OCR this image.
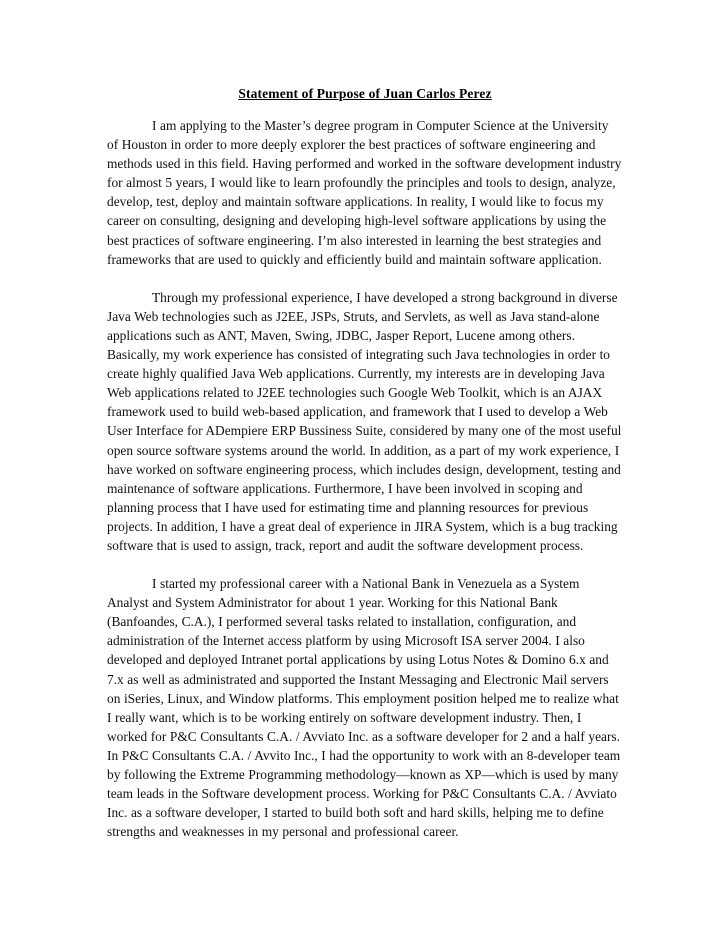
Statement of Purpose of Juan Carlos Perez

I am applying to the Master’s degree program in Computer Science at the University of Houston in order to more deeply explorer the best practices of software engineering and methods used in this field. Having performed and worked in the software development industry for almost 5 years, I would like to learn profoundly the principles and tools to design, analyze, develop, test, deploy and maintain software applications. In reality, I would like to focus my career on consulting, designing and developing high-level software applications by using the best practices of software engineering. I’m also interested in learning the best strategies and frameworks that are used to quickly and efficiently build and maintain software application.

Through my professional experience, I have developed a strong background in diverse Java Web technologies such as J2EE, JSPs, Struts, and Servlets, as well as Java stand-alone applications such as ANT, Maven, Swing, JDBC, Jasper Report, Lucene among others. Basically, my work experience has consisted of integrating such Java technologies in order to create highly qualified Java Web applications. Currently, my interests are in developing Java Web applications related to J2EE technologies such Google Web Toolkit, which is an AJAX framework used to build web-based application, and framework that I used to develop a Web User Interface for ADempiere ERP Bussiness Suite, considered by many one of the most useful open source software systems around the world. In addition, as a part of my work experience, I have worked on software engineering process, which includes design, development, testing and maintenance of software applications. Furthermore, I have been involved in scoping and planning process that I have used for estimating time and planning resources for previous projects. In addition, I have a great deal of experience in JIRA System, which is a bug tracking software that is used to assign, track, report and audit the software development process.

I started my professional career with a National Bank in Venezuela as a System Analyst and System Administrator for about 1 year. Working for this National Bank (Banfoandes, C.A.), I performed several tasks related to installation, configuration, and administration of the Internet access platform by using Microsoft ISA server 2004. I also developed and deployed Intranet portal applications by using Lotus Notes & Domino 6.x and 7.x as well as administrated and supported the Instant Messaging and Electronic Mail servers on iSeries, Linux, and Window platforms. This employment position helped me to realize what I really want, which is to be working entirely on software development industry. Then, I worked for P&C Consultants C.A. / Avviato Inc. as a software developer for 2 and a half years. In P&C Consultants C.A. / Avvito Inc., I had the opportunity to work with an 8-developer team by following the Extreme Programming methodology—known as XP—which is used by many team leads in the Software development process. Working for P&C Consultants C.A. / Avviato Inc. as a software developer, I started to build both soft and hard skills, helping me to define strengths and weaknesses in my personal and professional career.
